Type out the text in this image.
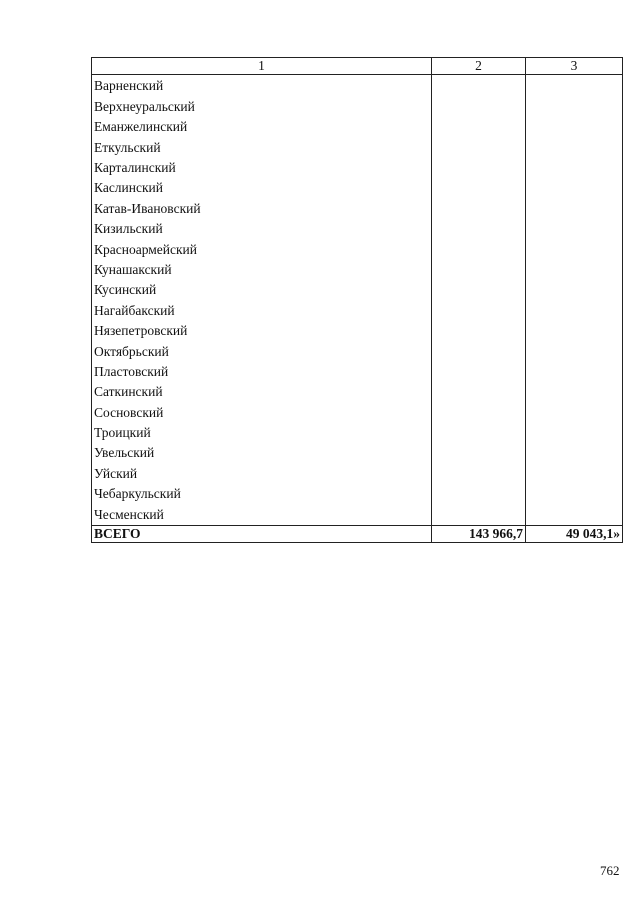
1	2	3
Варненский		
Верхнеуральский		
Еманжелинский		
Еткульский		
Карталинский		
Каслинский		
Катав-Ивановский		
Кизильский		
Красноармейский		
Кунашакский		
Кусинский		
Нагайбакский		
Нязепетровский		
Октябрьский		
Пластовский		
Саткинский		
Сосновский		
Троицкий		
Увельский		
Уйский		
Чебаркульский		
Чесменский		
ВСЕГО	143 966,7	49 043,1»
762
